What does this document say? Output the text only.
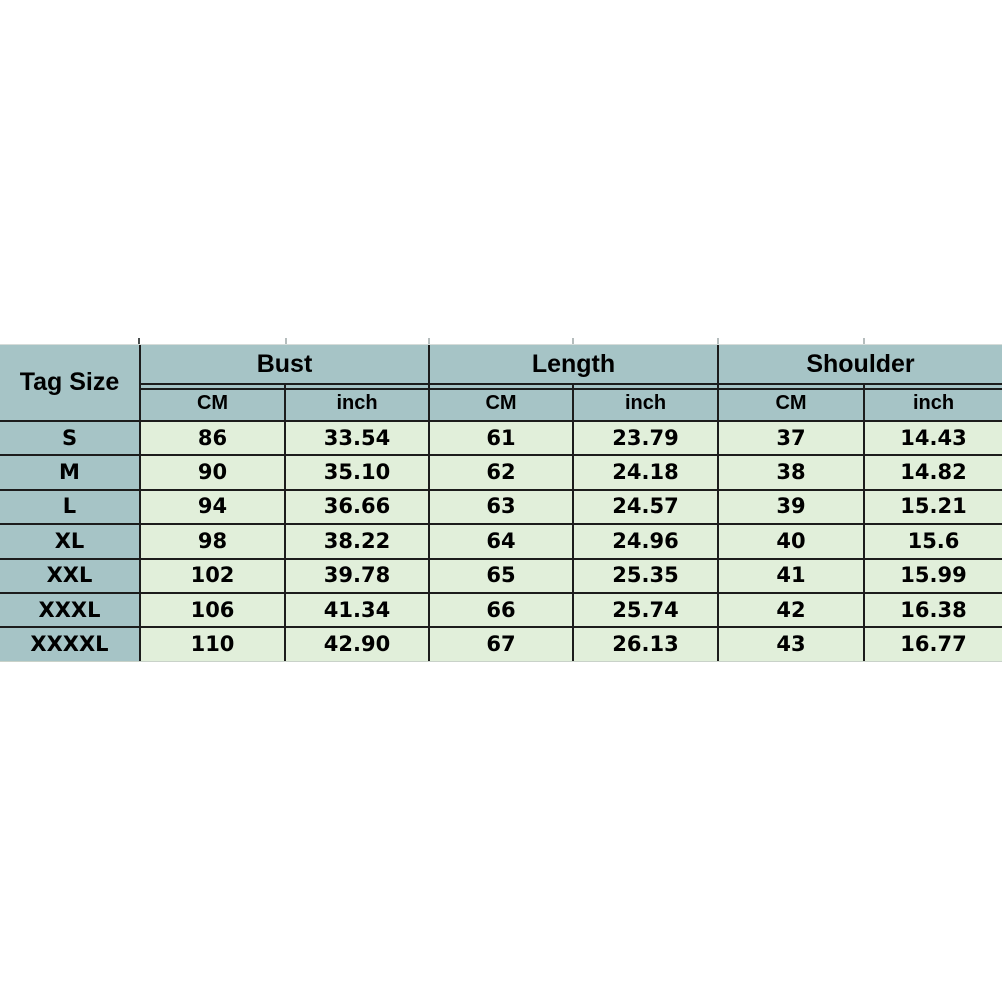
Tag Size
Bust	Length	Shoulder
CM	inch	CM	inch	CM	inch
S	86	33.54	61	23.79	37	14.43
M	90	35.10	62	24.18	38	14.82
L	94	36.66	63	24.57	39	15.21
XL	98	38.22	64	24.96	40	15.6
XXL	102	39.78	65	25.35	41	15.99
XXXL	106	41.34	66	25.74	42	16.38
XXXXL	110	42.90	67	26.13	43	16.77
